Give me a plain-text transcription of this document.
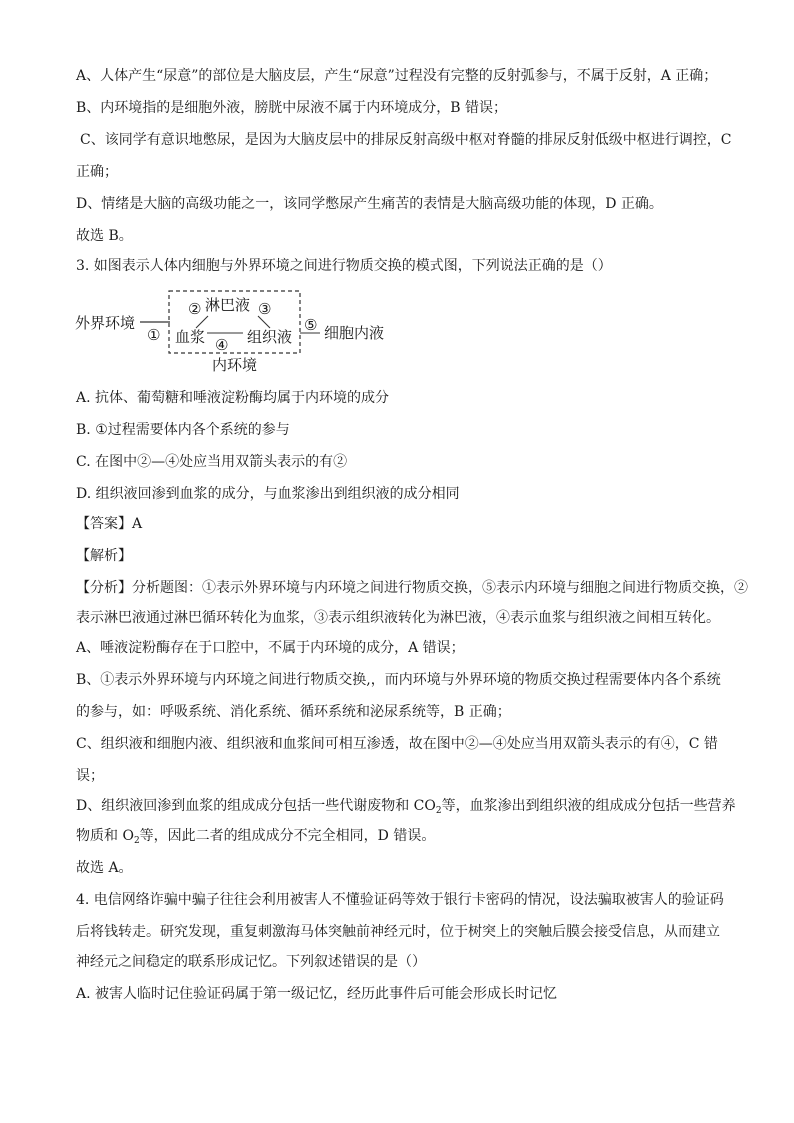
A、人体产生“尿意”的部位是大脑皮层，产生“尿意”过程没有完整的反射弧参与，不属于反射，A 正确；
B、内环境指的是细胞外液，膀胱中尿液不属于内环境成分，B 错误；
C、该同学有意识地憋尿，是因为大脑皮层中的排尿反射高级中枢对脊髓的排尿反射低级中枢进行调控，C
正确；
D、情绪是大脑的高级功能之一，该同学憋尿产生痛苦的表情是大脑高级功能的体现，D 正确。
故选 B。
3. 如图表示人体内细胞与外界环境之间进行物质交换的模式图，下列说法正确的是（）
外界环境
①
② 淋巴液 ③
血浆 ④ 组织液
⑤ 细胞内液
内环境
A. 抗体、葡萄糖和唾液淀粉酶均属于内环境的成分
B. ①过程需要体内各个系统的参与
C. 在图中②—④处应当用双箭头表示的有②
D. 组织液回渗到血浆的成分，与血浆渗出到组织液的成分相同
【答案】A
【解析】
【分析】分析题图：①表示外界环境与内环境之间进行物质交换，⑤表示内环境与细胞之间进行物质交换，②
表示淋巴液通过淋巴循环转化为血浆，③表示组织液转化为淋巴液，④表示血浆与组织液之间相互转化。
A、唾液淀粉酶存在于口腔中，不属于内环境的成分，A 错误；
B、①表示外界环境与内环境之间进行物质交换,，而内环境与外界环境的物质交换过程需要体内各个系统
的参与，如：呼吸系统、消化系统、循环系统和泌尿系统等，B 正确；
C、组织液和细胞内液、组织液和血浆间可相互渗透，故在图中②—④处应当用双箭头表示的有④，C 错
误；
D、组织液回渗到血浆的组成成分包括一些代谢废物和 $CO_2$等，血浆渗出到组织液的组成成分包括一些营养
物质和 $O_2$等，因此二者的组成成分不完全相同，D 错误。
故选 A。
4. 电信网络诈骗中骗子往往会利用被害人不懂验证码等效于银行卡密码的情况，设法骗取被害人的验证码
后将钱转走。研究发现，重复刺激海马体突触前神经元时，位于树突上的突触后膜会接受信息，从而建立
神经元之间稳定的联系形成记忆。下列叙述错误的是（）
A. 被害人临时记住验证码属于第一级记忆，经历此事件后可能会形成长时记忆
